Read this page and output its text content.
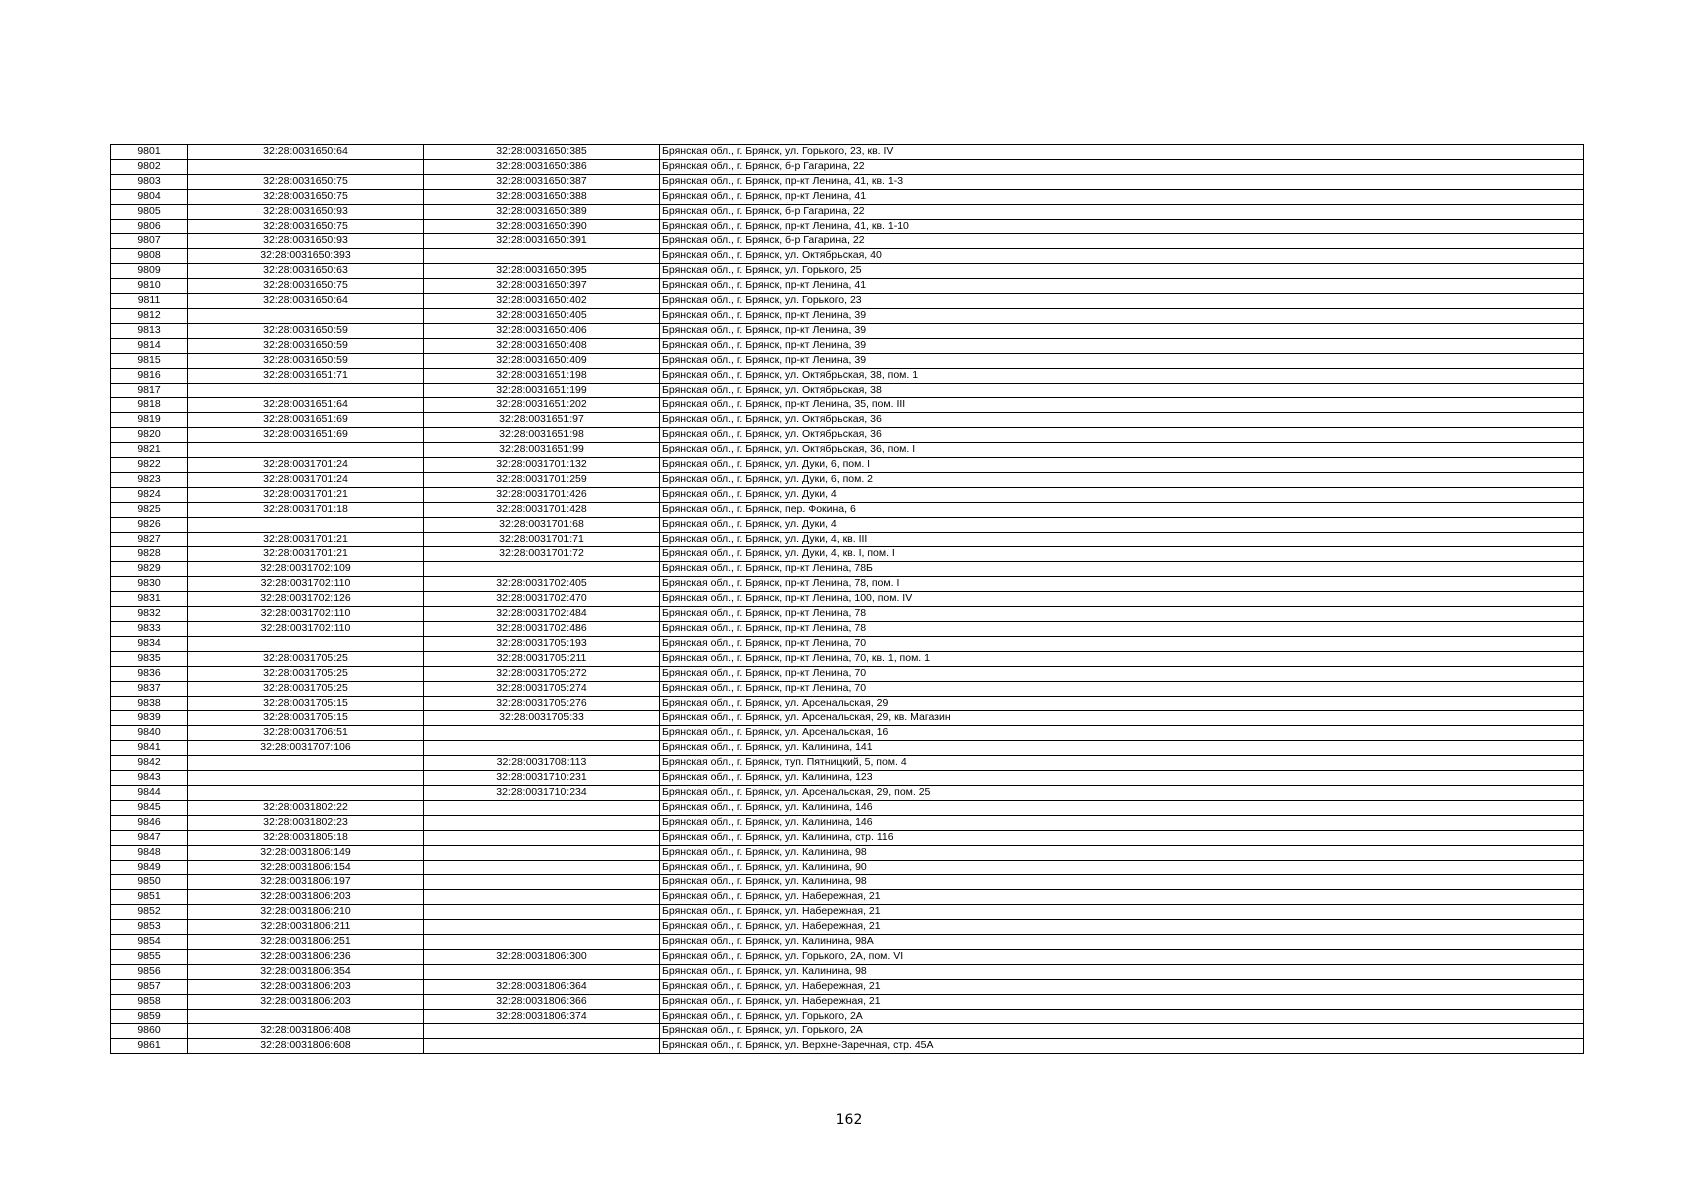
9801	32:28:0031650:64	32:28:0031650:385	Брянская обл., г. Брянск, ул. Горького, 23, кв. IV
9802		32:28:0031650:386	Брянская обл., г. Брянск, б-р Гагарина, 22
9803	32:28:0031650:75	32:28:0031650:387	Брянская обл., г. Брянск, пр-кт Ленина, 41, кв. 1-3
9804	32:28:0031650:75	32:28:0031650:388	Брянская обл., г. Брянск, пр-кт Ленина, 41
9805	32:28:0031650:93	32:28:0031650:389	Брянская обл., г. Брянск, б-р Гагарина, 22
9806	32:28:0031650:75	32:28:0031650:390	Брянская обл., г. Брянск, пр-кт Ленина, 41, кв. 1-10
9807	32:28:0031650:93	32:28:0031650:391	Брянская обл., г. Брянск, б-р Гагарина, 22
9808	32:28:0031650:393		Брянская обл., г. Брянск, ул. Октябрьская, 40
9809	32:28:0031650:63	32:28:0031650:395	Брянская обл., г. Брянск, ул. Горького, 25
9810	32:28:0031650:75	32:28:0031650:397	Брянская обл., г. Брянск, пр-кт Ленина, 41
9811	32:28:0031650:64	32:28:0031650:402	Брянская обл., г. Брянск, ул. Горького, 23
9812		32:28:0031650:405	Брянская обл., г. Брянск, пр-кт Ленина, 39
9813	32:28:0031650:59	32:28:0031650:406	Брянская обл., г. Брянск, пр-кт Ленина, 39
9814	32:28:0031650:59	32:28:0031650:408	Брянская обл., г. Брянск, пр-кт Ленина, 39
9815	32:28:0031650:59	32:28:0031650:409	Брянская обл., г. Брянск, пр-кт Ленина, 39
9816	32:28:0031651:71	32:28:0031651:198	Брянская обл., г. Брянск, ул. Октябрьская, 38, пом. 1
9817		32:28:0031651:199	Брянская обл., г. Брянск, ул. Октябрьская, 38
9818	32:28:0031651:64	32:28:0031651:202	Брянская обл., г. Брянск, пр-кт Ленина, 35, пом. III
9819	32:28:0031651:69	32:28:0031651:97	Брянская обл., г. Брянск, ул. Октябрьская, 36
9820	32:28:0031651:69	32:28:0031651:98	Брянская обл., г. Брянск, ул. Октябрьская, 36
9821		32:28:0031651:99	Брянская обл., г. Брянск, ул. Октябрьская, 36, пом. I
9822	32:28:0031701:24	32:28:0031701:132	Брянская обл., г. Брянск, ул. Дуки, 6, пом. I
9823	32:28:0031701:24	32:28:0031701:259	Брянская обл., г. Брянск, ул. Дуки, 6, пом. 2
9824	32:28:0031701:21	32:28:0031701:426	Брянская обл., г. Брянск, ул. Дуки, 4
9825	32:28:0031701:18	32:28:0031701:428	Брянская обл., г. Брянск, пер. Фокина, 6
9826		32:28:0031701:68	Брянская обл., г. Брянск, ул. Дуки, 4
9827	32:28:0031701:21	32:28:0031701:71	Брянская обл., г. Брянск, ул. Дуки, 4, кв. III
9828	32:28:0031701:21	32:28:0031701:72	Брянская обл., г. Брянск, ул. Дуки, 4, кв. I, пом. I
9829	32:28:0031702:109		Брянская обл., г. Брянск, пр-кт Ленина, 78Б
9830	32:28:0031702:110	32:28:0031702:405	Брянская обл., г. Брянск, пр-кт Ленина, 78, пом. I
9831	32:28:0031702:126	32:28:0031702:470	Брянская обл., г. Брянск, пр-кт Ленина, 100, пом. IV
9832	32:28:0031702:110	32:28:0031702:484	Брянская обл., г. Брянск, пр-кт Ленина, 78
9833	32:28:0031702:110	32:28:0031702:486	Брянская обл., г. Брянск, пр-кт Ленина, 78
9834		32:28:0031705:193	Брянская обл., г. Брянск, пр-кт Ленина, 70
9835	32:28:0031705:25	32:28:0031705:211	Брянская обл., г. Брянск, пр-кт Ленина, 70, кв. 1, пом. 1
9836	32:28:0031705:25	32:28:0031705:272	Брянская обл., г. Брянск, пр-кт Ленина, 70
9837	32:28:0031705:25	32:28:0031705:274	Брянская обл., г. Брянск, пр-кт Ленина, 70
9838	32:28:0031705:15	32:28:0031705:276	Брянская обл., г. Брянск, ул. Арсенальская, 29
9839	32:28:0031705:15	32:28:0031705:33	Брянская обл., г. Брянск, ул. Арсенальская, 29, кв. Магазин
9840	32:28:0031706:51		Брянская обл., г. Брянск, ул. Арсенальская, 16
9841	32:28:0031707:106		Брянская обл., г. Брянск, ул. Калинина, 141
9842		32:28:0031708:113	Брянская обл., г. Брянск, туп. Пятницкий, 5, пом. 4
9843		32:28:0031710:231	Брянская обл., г. Брянск, ул. Калинина, 123
9844		32:28:0031710:234	Брянская обл., г. Брянск, ул. Арсенальская, 29, пом. 25
9845	32:28:0031802:22		Брянская обл., г. Брянск, ул. Калинина, 146
9846	32:28:0031802:23		Брянская обл., г. Брянск, ул. Калинина, 146
9847	32:28:0031805:18		Брянская обл., г. Брянск, ул. Калинина, стр. 116
9848	32:28:0031806:149		Брянская обл., г. Брянск, ул. Калинина, 98
9849	32:28:0031806:154		Брянская обл., г. Брянск, ул. Калинина, 90
9850	32:28:0031806:197		Брянская обл., г. Брянск, ул. Калинина, 98
9851	32:28:0031806:203		Брянская обл., г. Брянск, ул. Набережная, 21
9852	32:28:0031806:210		Брянская обл., г. Брянск, ул. Набережная, 21
9853	32:28:0031806:211		Брянская обл., г. Брянск, ул. Набережная, 21
9854	32:28:0031806:251		Брянская обл., г. Брянск, ул. Калинина, 98А
9855	32:28:0031806:236	32:28:0031806:300	Брянская обл., г. Брянск, ул. Горького, 2А, пом. VI
9856	32:28:0031806:354		Брянская обл., г. Брянск, ул. Калинина, 98
9857	32:28:0031806:203	32:28:0031806:364	Брянская обл., г. Брянск, ул. Набережная, 21
9858	32:28:0031806:203	32:28:0031806:366	Брянская обл., г. Брянск, ул. Набережная, 21
9859		32:28:0031806:374	Брянская обл., г. Брянск, ул. Горького, 2А
9860	32:28:0031806:408		Брянская обл., г. Брянск, ул. Горького, 2А
9861	32:28:0031806:608		Брянская обл., г. Брянск, ул. Верхне-Заречная, стр. 45А
162
